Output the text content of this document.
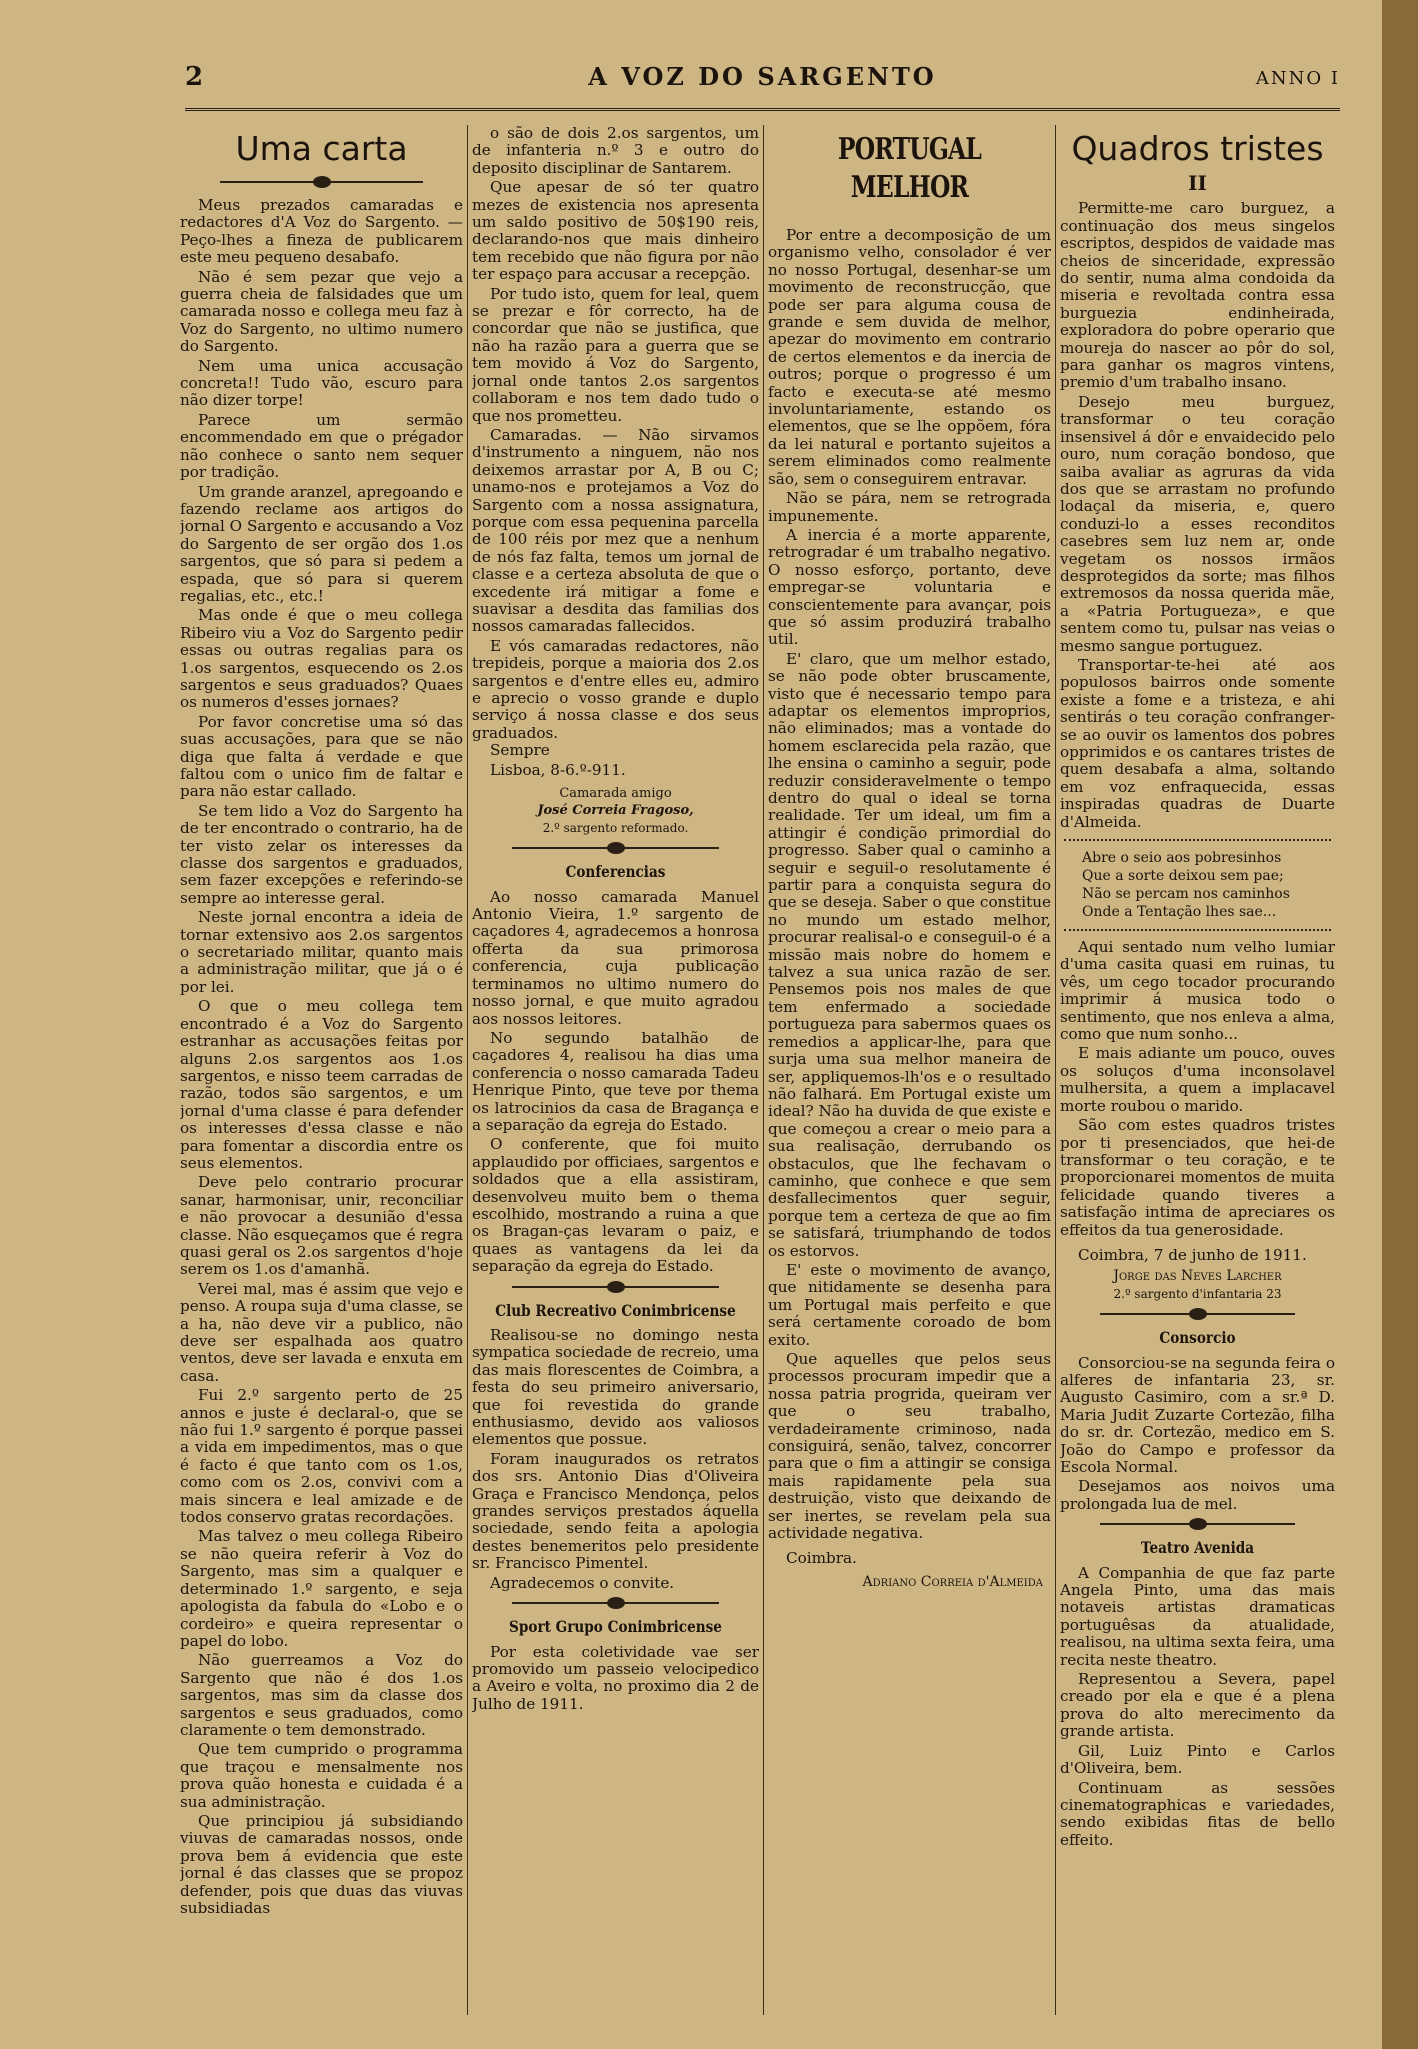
2	A VOZ DO SARGENTO	ANNO I
Uma carta

Meus prezados camaradas e redactores d'A Voz do Sargento. — Peço-lhes a fineza de publicarem este meu pequeno desabafo.

Não é sem pezar que vejo a guerra cheia de falsidades que um camarada nosso e collega meu faz à Voz do Sargento, no ultimo numero do Sargento.

Nem uma unica accusação concreta!! Tudo vão, escuro para não dizer torpe!

Parece um sermão encommendado em que o prégador não conhece o santo nem sequer por tradição.

Um grande aranzel, apregoando e fazendo reclame aos artigos do jornal O Sargento e accusando a Voz do Sargento de ser orgão dos 1.os sargentos, que só para si pedem a espada, que só para si querem regalias, etc., etc.!

Mas onde é que o meu collega Ribeiro viu a Voz do Sargento pedir essas ou outras regalias para os 1.os sargentos, esquecendo os 2.os sargentos e seus graduados? Quaes os numeros d'esses jornaes?

Por favor concretise uma só das suas accusações, para que se não diga que falta á verdade e que faltou com o unico fim de faltar e para não estar callado.

Se tem lido a Voz do Sargento ha de ter encontrado o contrario, ha de ter visto zelar os interesses da classe dos sargentos e graduados, sem fazer excepções e referindo-se sempre ao interesse geral.

Neste jornal encontra a ideia de tornar extensivo aos 2.os sargentos o secretariado militar, quanto mais a administração militar, que já o é por lei.

O que o meu collega tem encontrado é a Voz do Sargento estranhar as accusações feitas por alguns 2.os sargentos aos 1.os sargentos, e nisso teem carradas de razão, todos são sargentos, e um jornal d'uma classe é para defender os interesses d'essa classe e não para fomentar a discordia entre os seus elementos.

Deve pelo contrario procurar sanar, harmonisar, unir, reconciliar e não provocar a desunião d'essa classe. Não esqueçamos que é regra quasi geral os 2.os sargentos d'hoje serem os 1.os d'amanhã.

Verei mal, mas é assim que vejo e penso. A roupa suja d'uma classe, se a ha, não deve vir a publico, não deve ser espalhada aos quatro ventos, deve ser lavada e enxuta em casa.

Fui 2.º sargento perto de 25 annos e juste é declaral-o, que se não fui 1.º sargento é porque passei a vida em impedimentos, mas o que é facto é que tanto com os 1.os, como com os 2.os, convivi com a mais sincera e leal amizade e de todos conservo gratas recordações.

Mas talvez o meu collega Ribeiro se não queira referir à Voz do Sargento, mas sim a qualquer e determinado 1.º sargento, e seja apologista da fabula do «Lobo e o cordeiro» e queira representar o papel do lobo.

Não guerreamos a Voz do Sargento que não é dos 1.os sargentos, mas sim da classe dos sargentos e seus graduados, como claramente o tem demonstrado.

Que tem cumprido o programma que traçou e mensalmente nos prova quão honesta e cuidada é a sua administração.

Que principiou já subsidiando viuvas de camaradas nossos, onde prova bem á evidencia que este jornal é das classes que se propoz defender, pois que duas das viuvas subsidiadas

o são de dois 2.os sargentos, um de infanteria n.º 3 e outro do deposito disciplinar de Santarem.

Que apesar de só ter quatro mezes de existencia nos apresenta um saldo positivo de 50$190 reis, declarando-nos que mais dinheiro tem recebido que não figura por não ter espaço para accusar a recepção.

Por tudo isto, quem for leal, quem se prezar e fôr correcto, ha de concordar que não se justifica, que não ha razão para a guerra que se tem movido á Voz do Sargento, jornal onde tantos 2.os sargentos collaboram e nos tem dado tudo o que nos prometteu.

Camaradas. — Não sirvamos d'instrumento a ninguem, não nos deixemos arrastar por A, B ou C; unamo-nos e protejamos a Voz do Sargento com a nossa assignatura, porque com essa pequenina parcella de 100 réis por mez que a nenhum de nós faz falta, temos um jornal de classe e a certeza absoluta de que o excedente irá mitigar a fome e suavisar a desdita das familias dos nossos camaradas fallecidos.

E vós camaradas redactores, não trepideis, porque a maioria dos 2.os sargentos e d'entre elles eu, admiro e aprecio o vosso grande e duplo serviço á nossa classe e dos seus graduados.

Sempre

Lisboa, 8-6.º-911.

Camarada amigo
José Correia Fragoso,
2.º sargento reformado.
Conferencias

Ao nosso camarada Manuel Antonio Vieira, 1.º sargento de caçadores 4, agradecemos a honrosa offerta da sua primorosa conferencia, cuja publicação terminamos no ultimo numero do nosso jornal, e que muito agradou aos nossos leitores.

No segundo batalhão de caçadores 4, realisou ha dias uma conferencia o nosso camarada Tadeu Henrique Pinto, que teve por thema os latrocinios da casa de Bragança e a separação da egreja do Estado.

O conferente, que foi muito applaudido por officiaes, sargentos e soldados que a ella assistiram, desenvolveu muito bem o thema escolhido, mostrando a ruina a que os Bragan-ças levaram o paiz, e quaes as vantagens da lei da separação da egreja do Estado.

Club Recreativo Conimbricense

Realisou-se no domingo nesta sympatica sociedade de recreio, uma das mais florescentes de Coimbra, a festa do seu primeiro aniversario, que foi revestida do grande enthusiasmo, devido aos valiosos elementos que possue.

Foram inaugurados os retratos dos srs. Antonio Dias d'Oliveira Graça e Francisco Mendonça, pelos grandes serviços prestados áquella sociedade, sendo feita a apologia destes benemeritos pelo presidente sr. Francisco Pimentel.

Agradecemos o convite.

Sport Grupo Conimbricense

Por esta coletividade vae ser promovido um passeio velocipedico a Aveiro e volta, no proximo dia 2 de Julho de 1911.

PORTUGAL MELHOR

Por entre a decomposição de um organismo velho, consolador é ver no nosso Portugal, desenhar-se um movimento de reconstrucção, que pode ser para alguma cousa de grande e sem duvida de melhor, apezar do movimento em contrario de certos elementos e da inercia de outros; porque o progresso é um facto e executa-se até mesmo involuntariamente, estando os elementos, que se lhe oppõem, fóra da lei natural e portanto sujeitos a serem eliminados como realmente são, sem o conseguirem entravar.

Não se pára, nem se retrograda impunemente.

A inercia é a morte apparente, retrogradar é um trabalho negativo. O nosso esforço, portanto, deve empregar-se voluntaria e conscientemente para avançar, pois que só assim produzirá trabalho util.

E' claro, que um melhor estado, se não pode obter bruscamente, visto que é necessario tempo para adaptar os elementos improprios, não eliminados; mas a vontade do homem esclarecida pela razão, que lhe ensina o caminho a seguir, pode reduzir consideravelmente o tempo dentro do qual o ideal se torna realidade. Ter um ideal, um fim a attingir é condição primordial do progresso. Saber qual o caminho a seguir e seguil-o resolutamente é partir para a conquista segura do que se deseja. Saber o que constitue no mundo um estado melhor, procurar realisal-o e conseguil-o é a missão mais nobre do homem e talvez a sua unica razão de ser. Pensemos pois nos males de que tem enfermado a sociedade portugueza para sabermos quaes os remedios a applicar-lhe, para que surja uma sua melhor maneira de ser, appliquemos-lh'os e o resultado não falhará. Em Portugal existe um ideal? Não ha duvida de que existe e que começou a crear o meio para a sua realisação, derrubando os obstaculos, que lhe fechavam o caminho, que conhece e que sem desfallecimentos quer seguir, porque tem a certeza de que ao fim se satisfará, triumphando de todos os estorvos.

E' este o movimento de avanço, que nitidamente se desenha para um Portugal mais perfeito e que será certamente coroado de bom exito.

Que aquelles que pelos seus processos procuram impedir que a nossa patria progrida, queiram ver que o seu trabalho, verdadeiramente criminoso, nada consiguirá, senão, talvez, concorrer para que o fim a attingir se consiga mais rapidamente pela sua destruição, visto que deixando de ser inertes, se revelam pela sua actividade negativa.

Coimbra.

Adriano Correia d'Almeida
Quadros tristes
II

Permitte-me caro burguez, a continuação dos meus singelos escriptos, despidos de vaidade mas cheios de sinceridade, expressão do sentir, numa alma condoida da miseria e revoltada contra essa burguezia endinheirada, exploradora do pobre operario que moureja do nascer ao pôr do sol, para ganhar os magros vintens, premio d'um trabalho insano.

Desejo meu burguez, transformar o teu coração insensivel á dôr e envaidecido pelo ouro, num coração bondoso, que saiba avaliar as agruras da vida dos que se arrastam no profundo lodaçal da miseria, e, quero conduzi-lo a esses reconditos casebres sem luz nem ar, onde vegetam os nossos irmãos desprotegidos da sorte; mas filhos extremosos da nossa querida mãe, a «Patria Portugueza», e que sentem como tu, pulsar nas veias o mesmo sangue portuguez.

Transportar-te-hei até aos populosos bairros onde somente existe a fome e a tristeza, e ahi sentirás o teu coração confranger-se ao ouvir os lamentos dos pobres opprimidos e os cantares tristes de quem desabafa a alma, soltando em voz enfraquecida, essas inspiradas quadras de Duarte d'Almeida.

Abre o seio aos pobresinhos
Que a sorte deixou sem pae;
Não se percam nos caminhos
Onde a Tentação lhes sae...

Aqui sentado num velho lumiar d'uma casita quasi em ruinas, tu vês, um cego tocador procurando imprimir á musica todo o sentimento, que nos enleva a alma, como que num sonho...

E mais adiante um pouco, ouves os soluços d'uma inconsolavel mulhersita, a quem a implacavel morte roubou o marido.

São com estes quadros tristes por ti presenciados, que hei-de transformar o teu coração, e te proporcionarei momentos de muita felicidade quando tiveres a satisfação intima de apreciares os effeitos da tua generosidade.

Coimbra, 7 de junho de 1911.

Jorge das Neves Larcher
2.º sargento d'infantaria 23
Consorcio

Consorciou-se na segunda feira o alferes de infantaria 23, sr. Augusto Casimiro, com a sr.ª D. Maria Judit Zuzarte Cortezão, filha do sr. dr. Cortezão, medico em S. João do Campo e professor da Escola Normal.

Desejamos aos noivos uma prolongada lua de mel.

Teatro Avenida

A Companhia de que faz parte Angela Pinto, uma das mais notaveis artistas dramaticas portuguêsas da atualidade, realisou, na ultima sexta feira, uma recita neste theatro.

Representou a Severa, papel creado por ela e que é a plena prova do alto merecimento da grande artista.

Gil, Luiz Pinto e Carlos d'Oliveira, bem.

Continuam as sessões cinematographicas e variedades, sendo exibidas fitas de bello effeito.
